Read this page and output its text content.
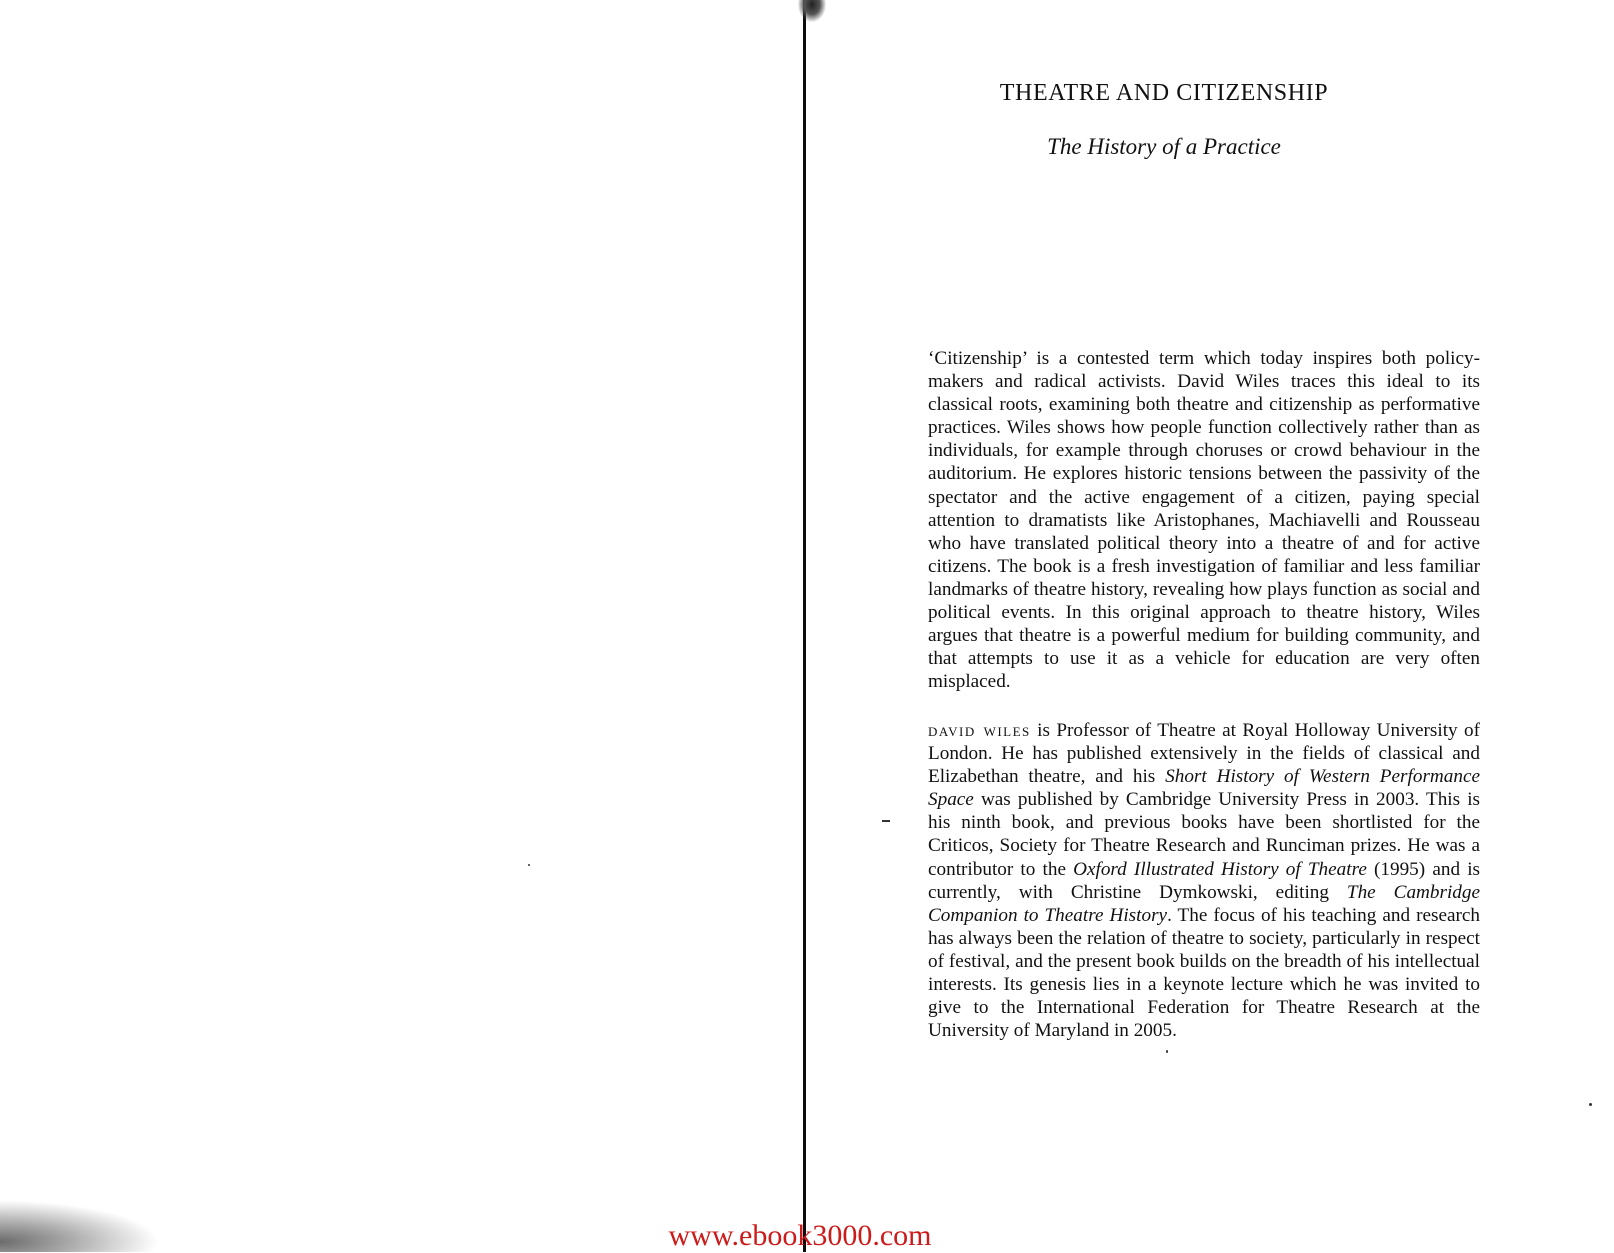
THEATRE AND CITIZENSHIP
The History of a Practice

‘Citizenship’ is a contested term which today inspires both policy-makers and radical activists. David Wiles traces this ideal to its classical roots, examining both theatre and citizenship as performative practices. Wiles shows how people function collectively rather than as individuals, for example through choruses or crowd behaviour in the auditorium. He explores historic tensions between the passivity of the spectator and the active engagement of a citizen, paying special attention to dramatists like Aristophanes, Machiavelli and Rousseau who have translated political theory into a theatre of and for active citizens. The book is a fresh investigation of familiar and less familiar landmarks of theatre history, revealing how plays function as social and political events. In this original approach to theatre history, Wiles argues that theatre is a powerful medium for building community, and that attempts to use it as a vehicle for education are very often misplaced.

david wiles is Professor of Theatre at Royal Holloway University of London. He has published extensively in the fields of classical and Elizabethan theatre, and his Short History of Western Performance Space was published by Cambridge University Press in 2003. This is his ninth book, and previous books have been shortlisted for the Criticos, Society for Theatre Research and Runciman prizes. He was a contributor to the Oxford Illustrated History of Theatre (1995) and is currently, with Christine Dymkowski, editing The Cambridge Companion to Theatre History. The focus of his teaching and research has always been the relation of theatre to society, particularly in respect of festival, and the present book builds on the breadth of his intellectual interests. Its genesis lies in a keynote lecture which he was invited to give to the International Federation for Theatre Research at the University of Maryland in 2005.

www.ebook3000.com
